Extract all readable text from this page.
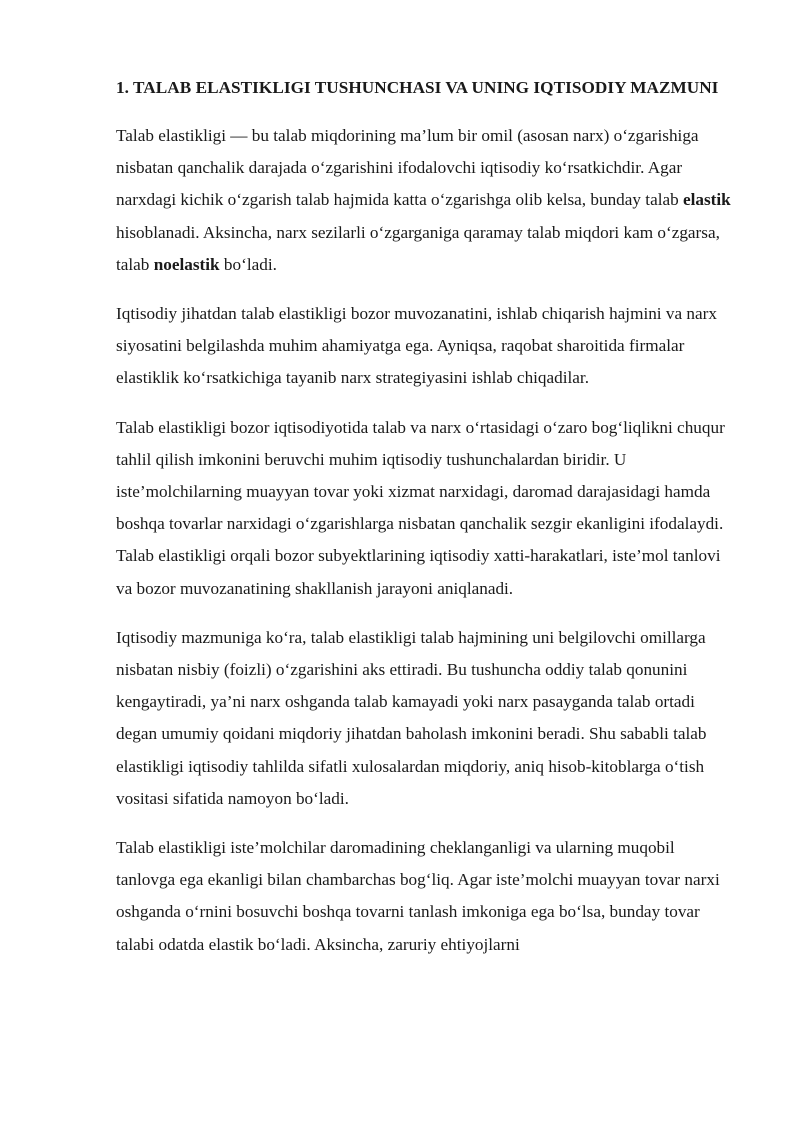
1. TALAB ELASTIKLIGI TUSHUNCHASI VA UNING IQTISODIY MAZMUNI

Talab elastikligi — bu talab miqdorining ma’lum bir omil (asosan narx) o‘zgarishiga nisbatan qanchalik darajada o‘zgarishini ifodalovchi iqtisodiy ko‘rsatkichdir. Agar narxdagi kichik o‘zgarish talab hajmida katta o‘zgarishga olib kelsa, bunday talab elastik hisoblanadi. Aksincha, narx sezilarli o‘zgarganiga qaramay talab miqdori kam o‘zgarsa, talab noelastik bo‘ladi.

Iqtisodiy jihatdan talab elastikligi bozor muvozanatini, ishlab chiqarish hajmini va narx siyosatini belgilashda muhim ahamiyatga ega. Ayniqsa, raqobat sharoitida firmalar elastiklik ko‘rsatkichiga tayanib narx strategiyasini ishlab chiqadilar.

Talab elastikligi bozor iqtisodiyotida talab va narx o‘rtasidagi o‘zaro bog‘liqlikni chuqur tahlil qilish imkonini beruvchi muhim iqtisodiy tushunchalardan biridir. U iste’molchilarning muayyan tovar yoki xizmat narxidagi, daromad darajasidagi hamda boshqa tovarlar narxidagi o‘zgarishlarga nisbatan qanchalik sezgir ekanligini ifodalaydi. Talab elastikligi orqali bozor subyektlarining iqtisodiy xatti-harakatlari, iste’mol tanlovi va bozor muvozanatining shakllanish jarayoni aniqlanadi.

Iqtisodiy mazmuniga ko‘ra, talab elastikligi talab hajmining uni belgilovchi omillarga nisbatan nisbiy (foizli) o‘zgarishini aks ettiradi. Bu tushuncha oddiy talab qonunini kengaytiradi, ya’ni narx oshganda talab kamayadi yoki narx pasayganda talab ortadi degan umumiy qoidani miqdoriy jihatdan baholash imkonini beradi. Shu sababli talab elastikligi iqtisodiy tahlilda sifatli xulosalardan miqdoriy, aniq hisob-kitoblarga o‘tish vositasi sifatida namoyon bo‘ladi.

Talab elastikligi iste’molchilar daromadining cheklanganligi va ularning muqobil tanlovga ega ekanligi bilan chambarchas bog‘liq. Agar iste’molchi muayyan tovar narxi oshganda o‘rnini bosuvchi boshqa tovarni tanlash imkoniga ega bo‘lsa, bunday tovar talabi odatda elastik bo‘ladi. Aksincha, zaruriy ehtiyojlarni
